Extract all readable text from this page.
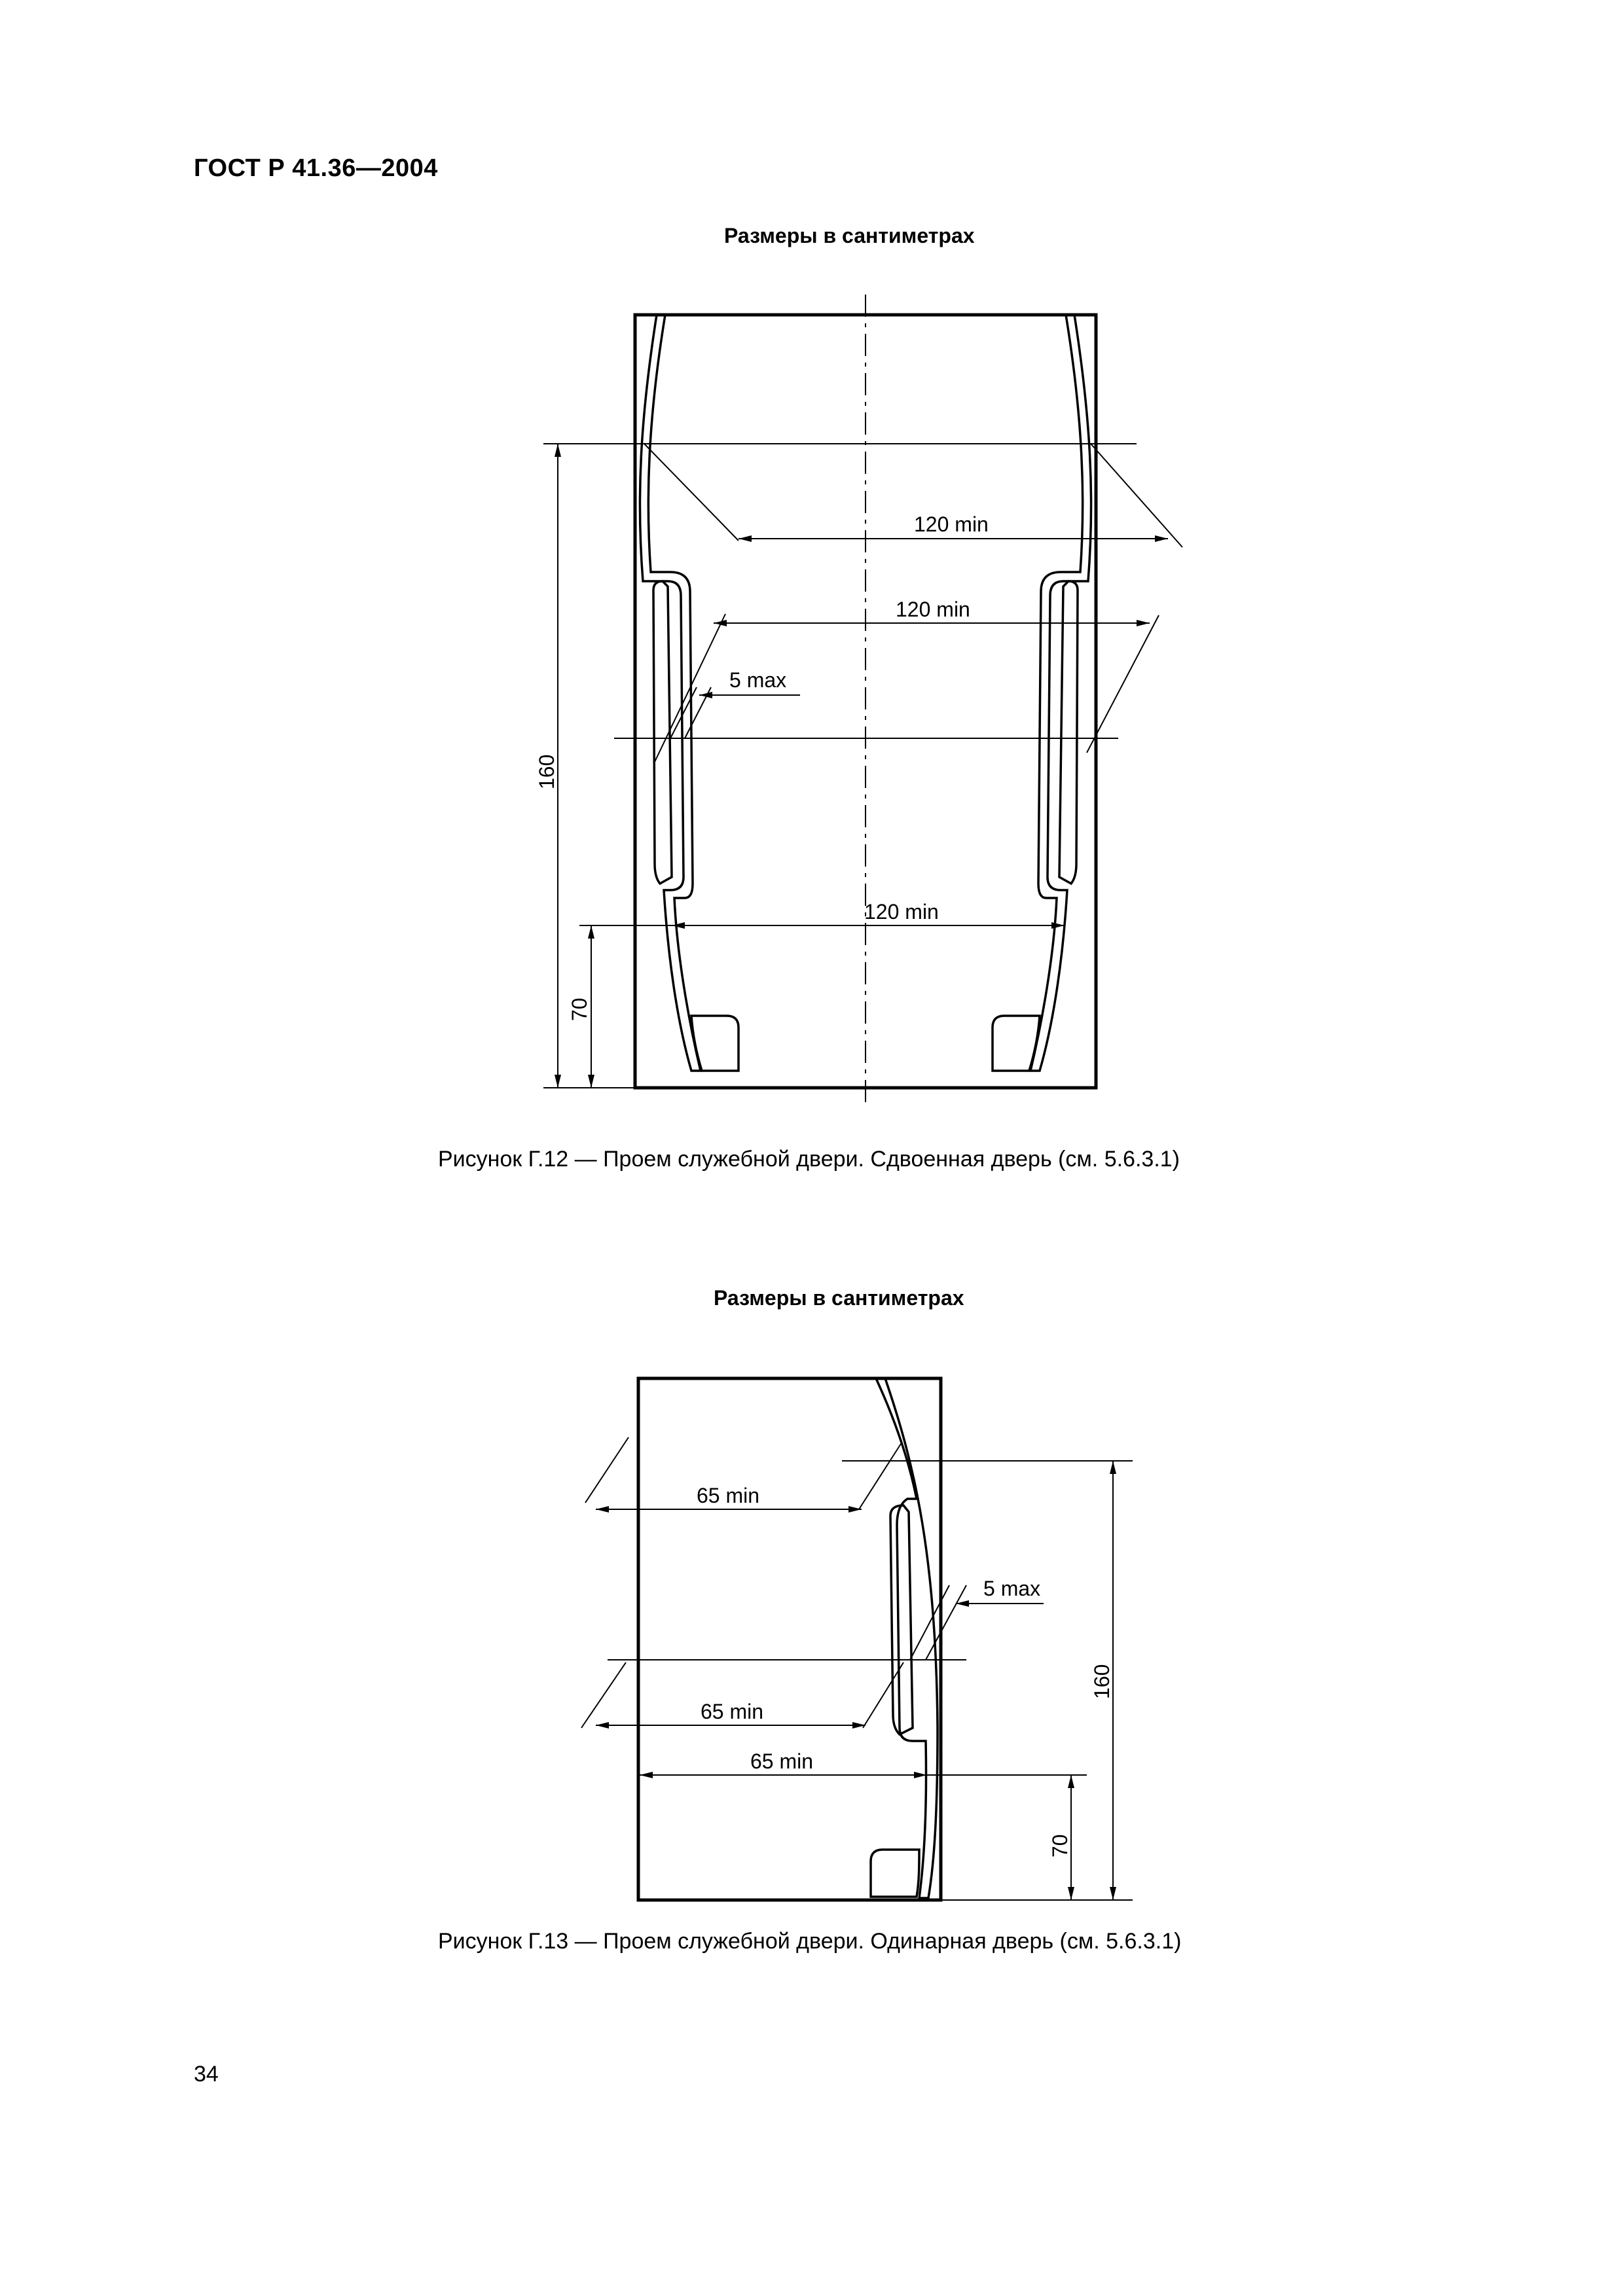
ГОСТ Р 41.36—2004
Размеры в сантиметрах
120 min
120 min
5 max
120 min
160
70
65 min
5 max
65 min
65 min
160
70
Рисунок Г.12 — Проем служебной двери. Сдвоенная дверь (см. 5.6.3.1)
Размеры в сантиметрах
Рисунок Г.13 — Проем служебной двери. Одинарная дверь (см. 5.6.3.1)
34
